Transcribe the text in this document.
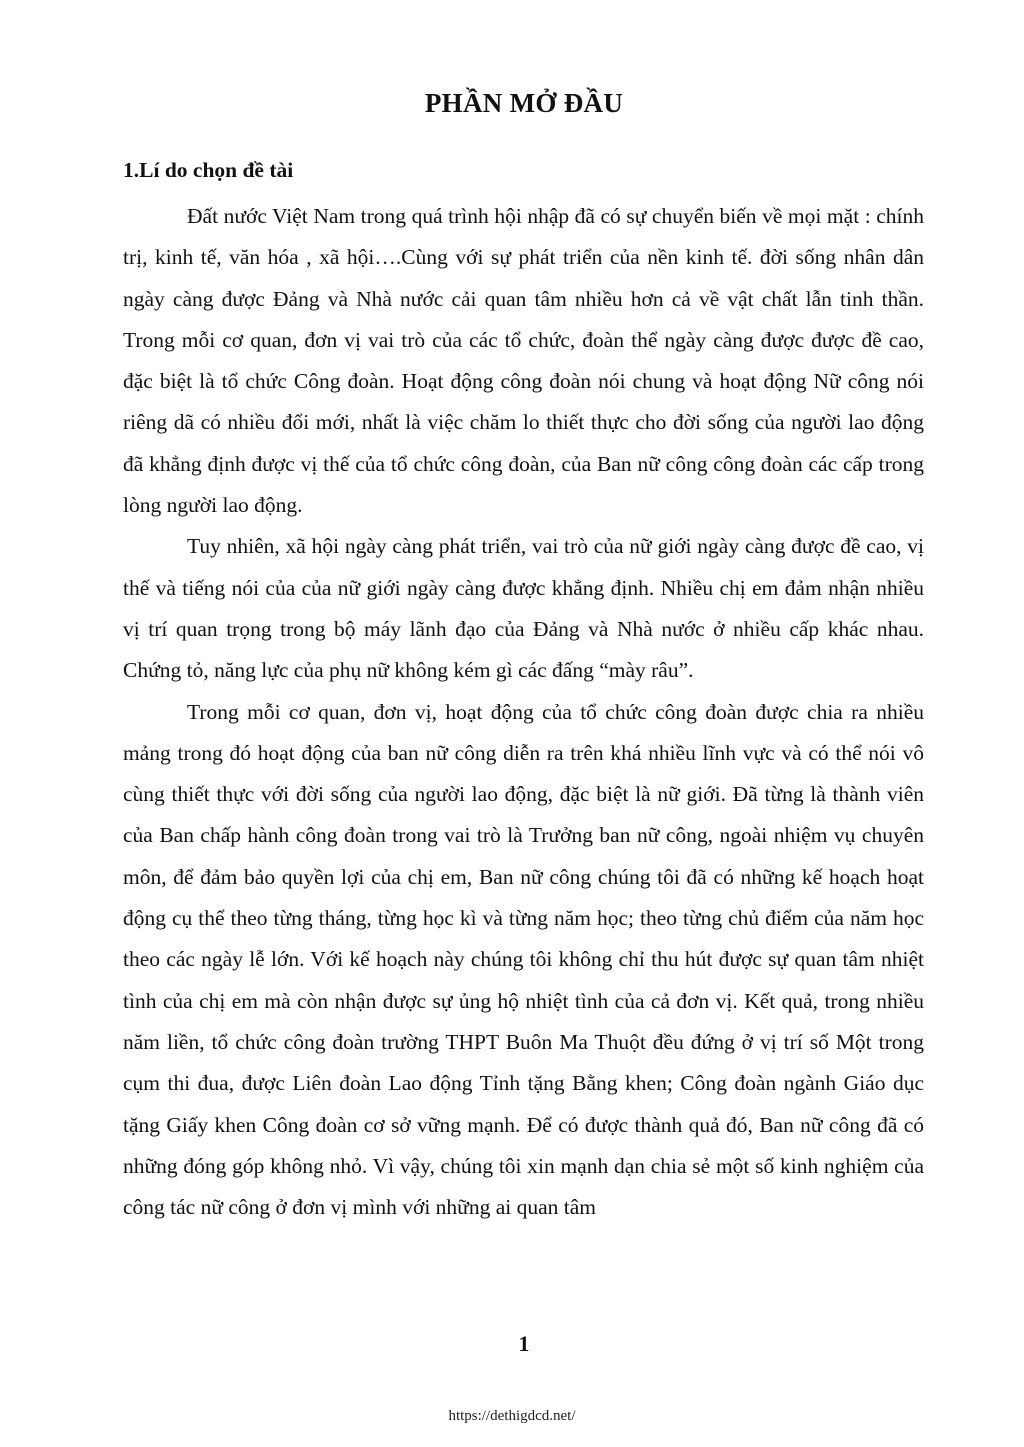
PHẦN MỞ ĐẦU
1.Lí do chọn đề tài

Đất nước Việt Nam trong quá trình hội nhập đã có sự chuyển biến về mọi mặt : chính trị, kinh tế, văn hóa , xã hội….Cùng với sự phát triển của nền kinh tế. đời sống nhân dân ngày càng được Đảng và Nhà nước cải quan tâm nhiều hơn cả về vật chất lẫn tinh thần. Trong mỗi cơ quan, đơn vị vai trò của các tổ chức, đoàn thể ngày càng được được đề cao, đặc biệt là tổ chức Công đoàn. Hoạt động công đoàn nói chung và hoạt động Nữ công nói riêng dã có nhiều đổi mới, nhất là việc chăm lo thiết thực cho đời sống của người lao động đã khẳng định được vị thế của tổ chức công đoàn, của Ban nữ công công đoàn các cấp trong lòng người lao động.

Tuy nhiên, xã hội ngày càng phát triển, vai trò của nữ giới ngày càng được đề cao, vị thế và tiếng nói của của nữ giới ngày càng được khẳng định. Nhiều chị em đảm nhận nhiều vị trí quan trọng trong bộ máy lãnh đạo của Đảng và Nhà nước ở nhiều cấp khác nhau. Chứng tỏ, năng lực của phụ nữ không kém gì các đấng “mày râu”.

Trong mỗi cơ quan, đơn vị, hoạt động của tổ chức công đoàn được chia ra nhiều mảng trong đó hoạt động của ban nữ công diễn ra trên khá nhiều lĩnh vực và có thể nói vô cùng thiết thực với đời sống của người lao động, đặc biệt là nữ giới. Đã từng là thành viên của Ban chấp hành công đoàn trong vai trò là Trưởng ban nữ công, ngoài nhiệm vụ chuyên môn, để đảm bảo quyền lợi của chị em, Ban nữ công chúng tôi đã có những kế hoạch hoạt động cụ thể theo từng tháng, từng học kì và từng năm học; theo từng chủ điểm của năm học theo các ngày lễ lớn. Với kế hoạch này chúng tôi không chỉ thu hút được sự quan tâm nhiệt tình của chị em mà còn nhận được sự ủng hộ nhiệt tình của cả đơn vị. Kết quả, trong nhiều năm liền, tổ chức công đoàn trường THPT Buôn Ma Thuột đều đứng ở vị trí số Một trong cụm thi đua, được Liên đoàn Lao động Tỉnh tặng Bằng khen; Công đoàn ngành Giáo dục tặng Giấy khen Công đoàn cơ sở vững mạnh. Để có được thành quả đó, Ban nữ công đã có những đóng góp không nhỏ. Vì vậy, chúng tôi xin mạnh dạn chia sẻ một số kinh nghiệm của công tác nữ công ở đơn vị mình với những ai quan tâm

1
https://dethigdcd.net/
